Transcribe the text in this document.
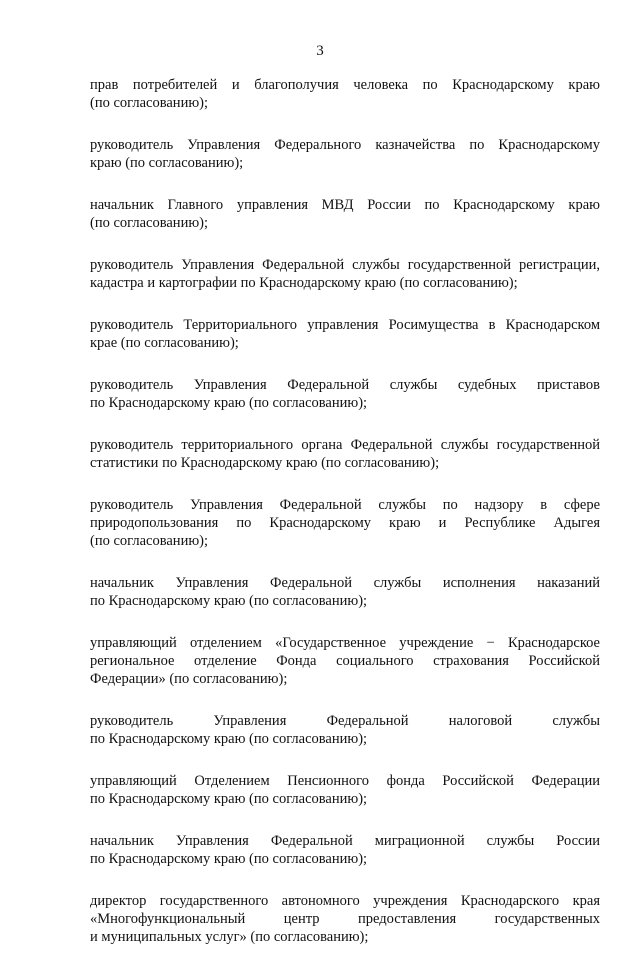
3

прав потребителей и благополучия человека по Краснодарскому краю
(по согласованию);

руководитель Управления Федерального казначейства по Краснодарскому
краю (по согласованию);

начальник Главного управления МВД России по Краснодарскому краю
(по согласованию);

руководитель Управления Федеральной службы государственной регистрации,
кадастра и картографии по Краснодарскому краю (по согласованию);

руководитель Территориального управления Росимущества в Краснодарском
крае (по согласованию);

руководитель Управления Федеральной службы судебных приставов
по Краснодарскому краю (по согласованию);

руководитель территориального органа Федеральной службы государственной
статистики по Краснодарскому краю (по согласованию);

руководитель Управления Федеральной службы по надзору в сфере
природопользования по Краснодарскому краю и Республике Адыгея
(по согласованию);

начальник Управления Федеральной службы исполнения наказаний
по Краснодарскому краю (по согласованию);

управляющий отделением «Государственное учреждение − Краснодарское
региональное отделение Фонда социального страхования Российской
Федерации» (по согласованию);

руководитель Управления Федеральной налоговой службы
по Краснодарскому краю (по согласованию);

управляющий Отделением Пенсионного фонда Российской Федерации
по Краснодарскому краю (по согласованию);

начальник Управления Федеральной миграционной службы России
по Краснодарскому краю (по согласованию);

директор государственного автономного учреждения Краснодарского края
«Многофункциональный центр предоставления государственных
и муниципальных услуг» (по согласованию);
